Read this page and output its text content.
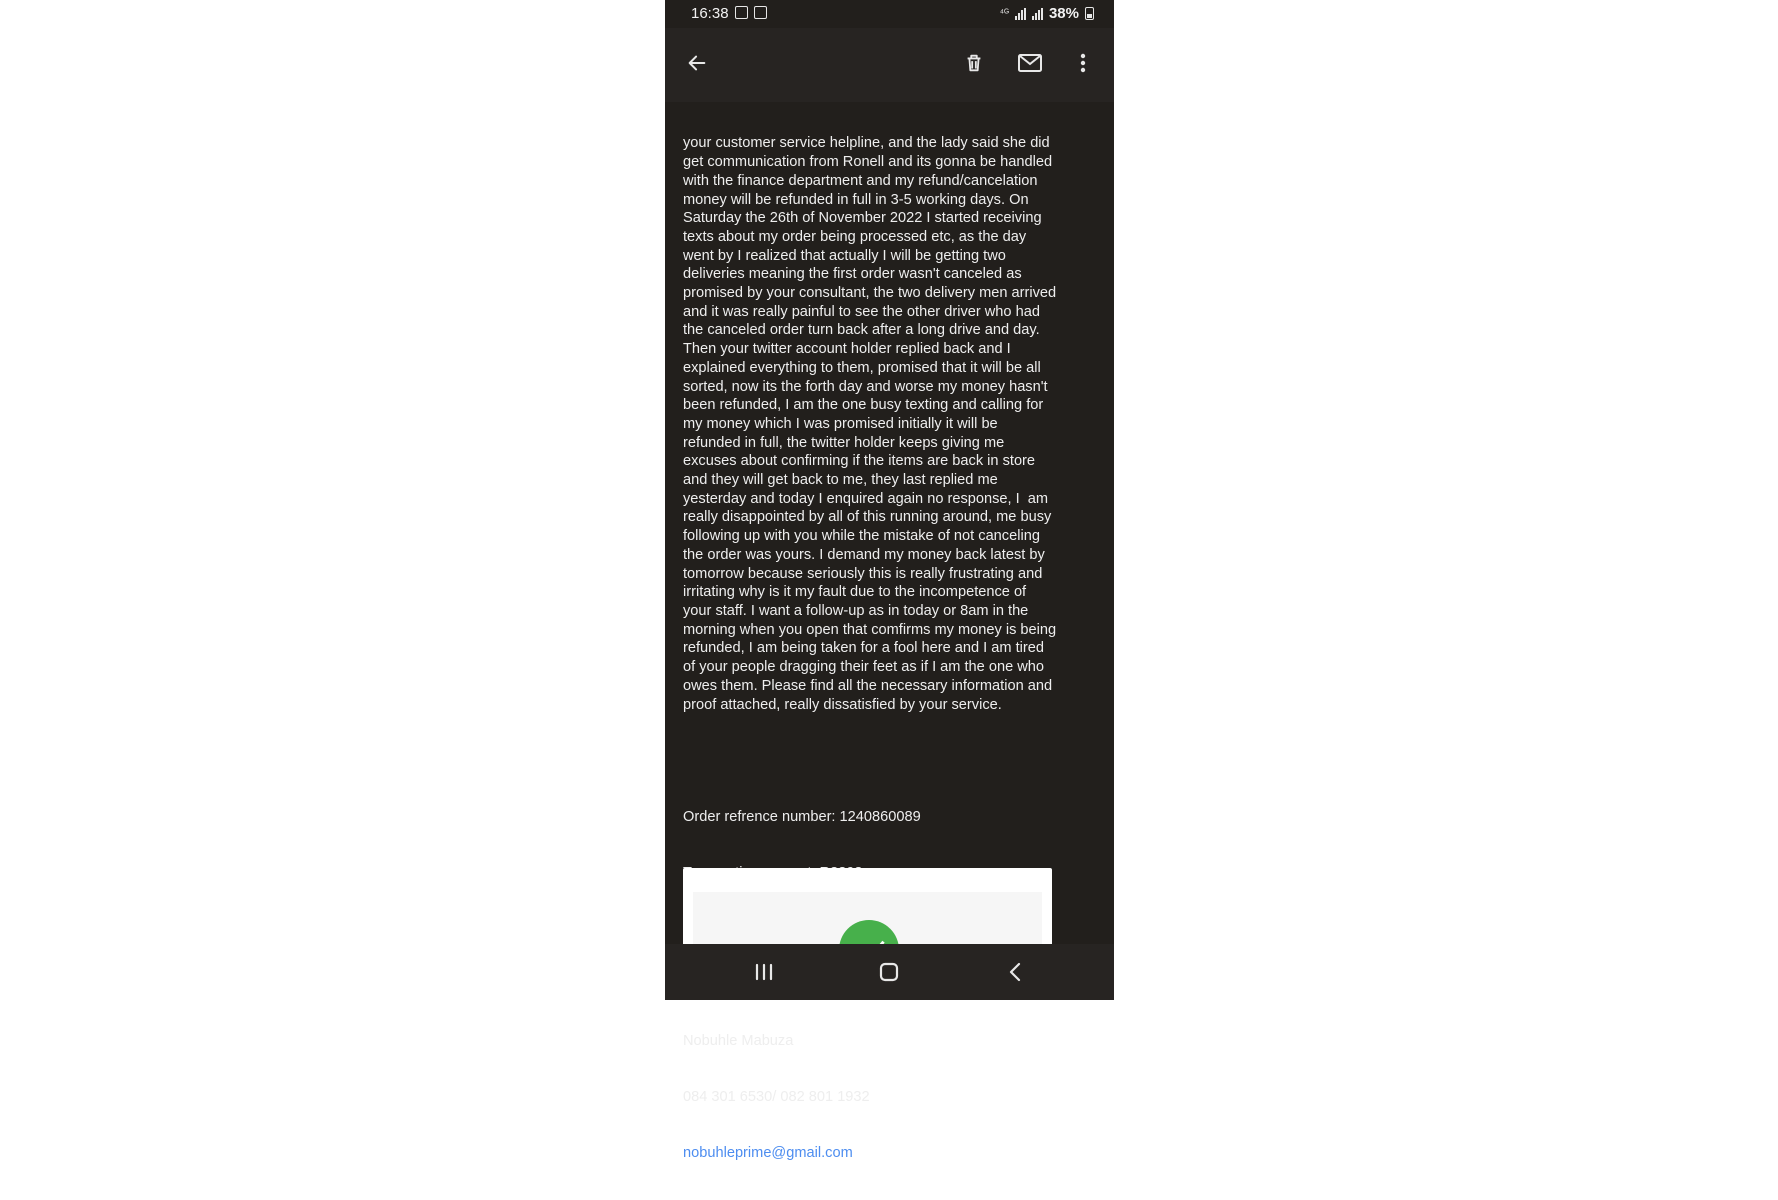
16:38	⁴ᴳ	38%

your customer service helpline, and the lady said she did
get communication from Ronell and its gonna be handled
with the finance department and my refund/cancelation
money will be refunded in full in 3-5 working days. On
Saturday the 26th of November 2022 I started receiving
texts about my order being processed etc, as the day
went by I realized that actually I will be getting two
deliveries meaning the first order wasn't canceled as
promised by your consultant, the two delivery men arrived
and it was really painful to see the other driver who had
the canceled order turn back after a long drive and day.
Then your twitter account holder replied back and I
explained everything to them, promised that it will be all
sorted, now its the forth day and worse my money hasn't
been refunded, I am the one busy texting and calling for
my money which I was promised initially it will be
refunded in full, the twitter holder keeps giving me
excuses about confirming if the items are back in store
and they will get back to me, they last replied me
yesterday and today I enquired again no response, I  am
really disappointed by all of this running around, me busy
following up with you while the mistake of not canceling
the order was yours. I demand my money back latest by
tomorrow because seriously this is really frustrating and
irritating why is it my fault due to the incompetence of
your staff. I want a follow-up as in today or 8am in the
morning when you open that comfirms my money is being
refunded, I am being taken for a fool here and I am tired
of your people dragging their feet as if I am the one who
owes them. Please find all the necessary information and
proof attached, really dissatisfied by your service.

Order refrence number: 1240860089

Nobuhle Mabuza

084 301 6530/ 082 801 1932

nobuhleprime@gmail.com
